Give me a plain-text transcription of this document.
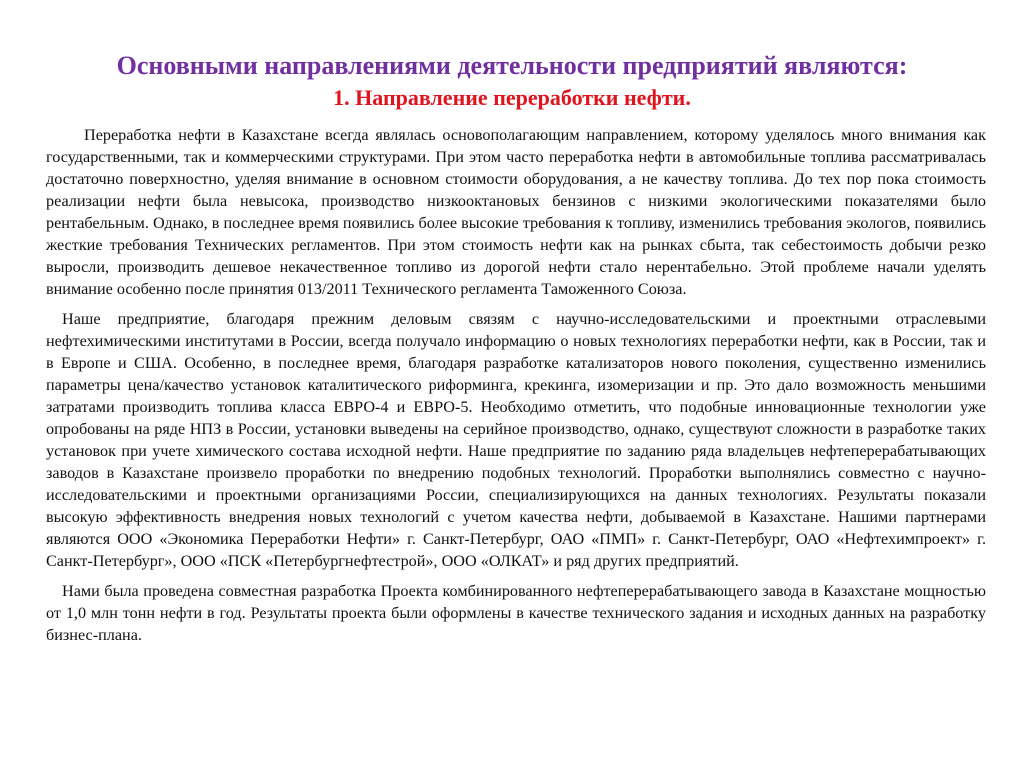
Основными направлениями деятельности предприятий являются:
1. Направление переработки нефти.

Переработка нефти в Казахстане всегда являлась основополагающим направлением, которому уделялось много внимания как государственными, так и коммерческими структурами. При этом часто переработка нефти в автомобильные топлива рассматривалась достаточно поверхностно, уделяя внимание в основном стоимости оборудования, а не качеству топлива. До тех пор пока стоимость реализации нефти была невысока, производство низкооктановых бензинов с низкими экологическими показателями было рентабельным. Однако, в последнее время появились более высокие требования к топливу, изменились требования экологов, появились жесткие требования Технических регламентов. При этом стоимость нефти как на рынках сбыта, так себестоимость добычи резко выросли, производить дешевое некачественное топливо из дорогой нефти стало нерентабельно. Этой проблеме начали уделять внимание особенно после принятия 013/2011 Технического регламента Таможенного Союза.

Наше предприятие, благодаря прежним деловым связям с научно-исследовательскими и проектными отраслевыми нефтехимическими институтами в России, всегда получало информацию о новых технологиях переработки нефти, как в России, так и в Европе и США. Особенно, в последнее время, благодаря разработке катализаторов нового поколения, существенно изменились параметры цена/качество установок каталитического риформинга, крекинга, изомеризации и пр. Это дало возможность меньшими затратами производить топлива класса ЕВРО-4 и ЕВРО-5. Необходимо отметить, что подобные инновационные технологии уже опробованы на ряде НПЗ в России, установки выведены на серийное производство, однако, существуют сложности в разработке таких установок при учете химического состава исходной нефти. Наше предприятие по заданию ряда владельцев нефтеперерабатывающих заводов в Казахстане произвело проработки по внедрению подобных технологий. Проработки выполнялись совместно с научно-исследовательскими и проектными организациями России, специализирующихся на данных технологиях. Результаты показали высокую эффективность внедрения новых технологий с учетом качества нефти, добываемой в Казахстане. Нашими партнерами являются ООО «Экономика Переработки Нефти» г. Санкт-Петербург, ОАО «ПМП» г. Санкт-Петербург, ОАО «Нефтехимпроект» г. Санкт-Петербург», ООО «ПСК «Петербургнефтестрой», ООО «ОЛКАТ» и ряд других предприятий.

Нами была проведена совместная разработка Проекта комбинированного нефтеперерабатывающего завода в Казахстане мощностью от 1,0 млн тонн нефти в год. Результаты проекта были оформлены в качестве технического задания и исходных данных на разработку бизнес-плана.
